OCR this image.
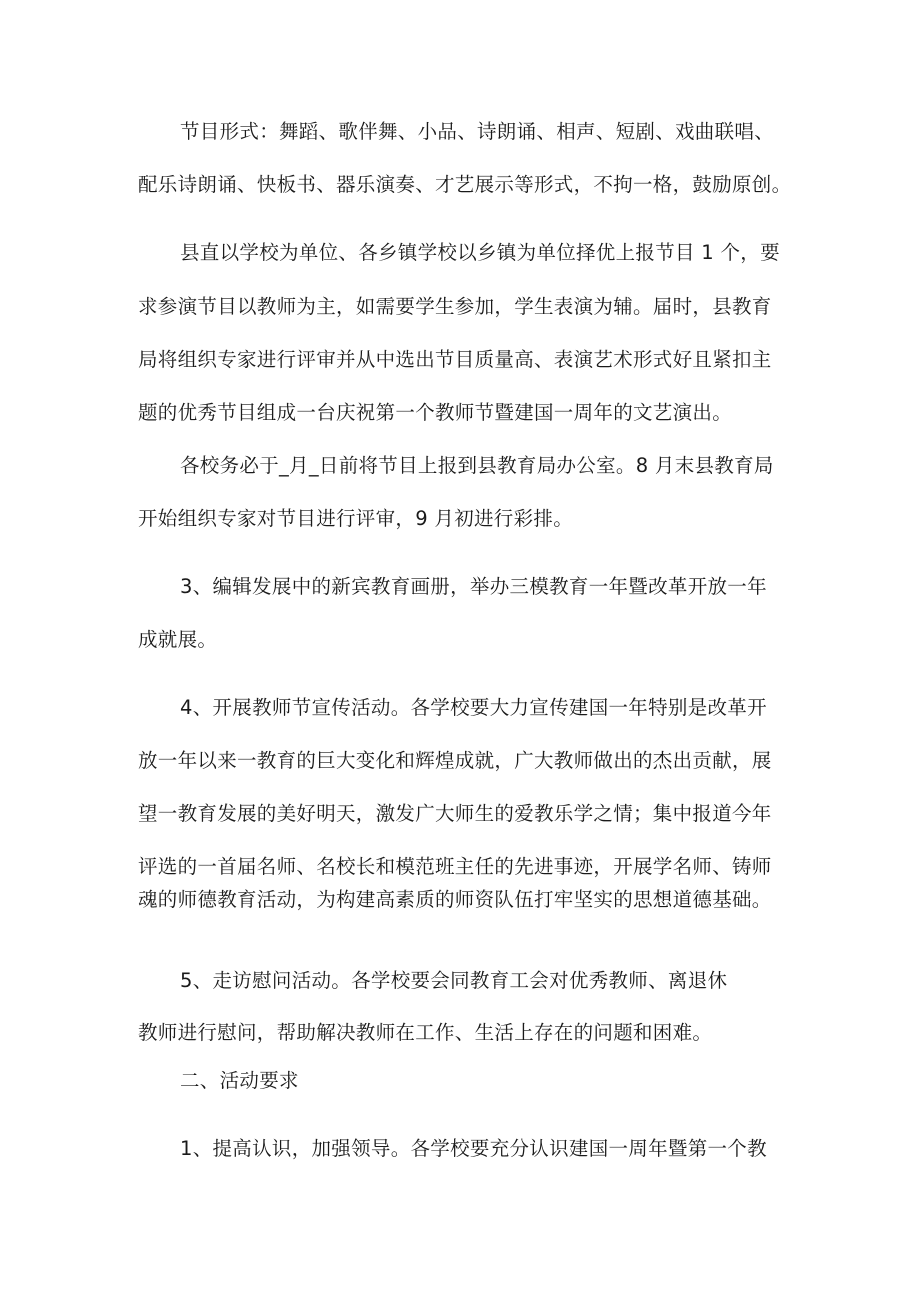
节目形式：舞蹈、歌伴舞、小品、诗朗诵、相声、短剧、戏曲联唱、

配乐诗朗诵、快板书、器乐演奏、才艺展示等形式，不拘一格，鼓励原创。

县直以学校为单位、各乡镇学校以乡镇为单位择优上报节目 1 个，要

求参演节目以教师为主，如需要学生参加，学生表演为辅。届时，县教育

局将组织专家进行评审并从中选出节目质量高、表演艺术形式好且紧扣主

题的优秀节目组成一台庆祝第一个教师节暨建国一周年的文艺演出。

各校务必于_月_日前将节目上报到县教育局办公室。8 月末县教育局

开始组织专家对节目进行评审，9 月初进行彩排。

3、编辑发展中的新宾教育画册，举办三模教育一年暨改革开放一年

成就展。

4、开展教师节宣传活动。各学校要大力宣传建国一年特别是改革开

放一年以来一教育的巨大变化和辉煌成就，广大教师做出的杰出贡献，展

望一教育发展的美好明天，激发广大师生的爱教乐学之情；集中报道今年

评选的一首届名师、名校长和模范班主任的先进事迹，开展学名师、铸师

魂的师德教育活动，为构建高素质的师资队伍打牢坚实的思想道德基础。

5、走访慰问活动。各学校要会同教育工会对优秀教师、离退休

教师进行慰问，帮助解决教师在工作、生活上存在的问题和困难。

二、活动要求

1、提高认识，加强领导。各学校要充分认识建国一周年暨第一个教
